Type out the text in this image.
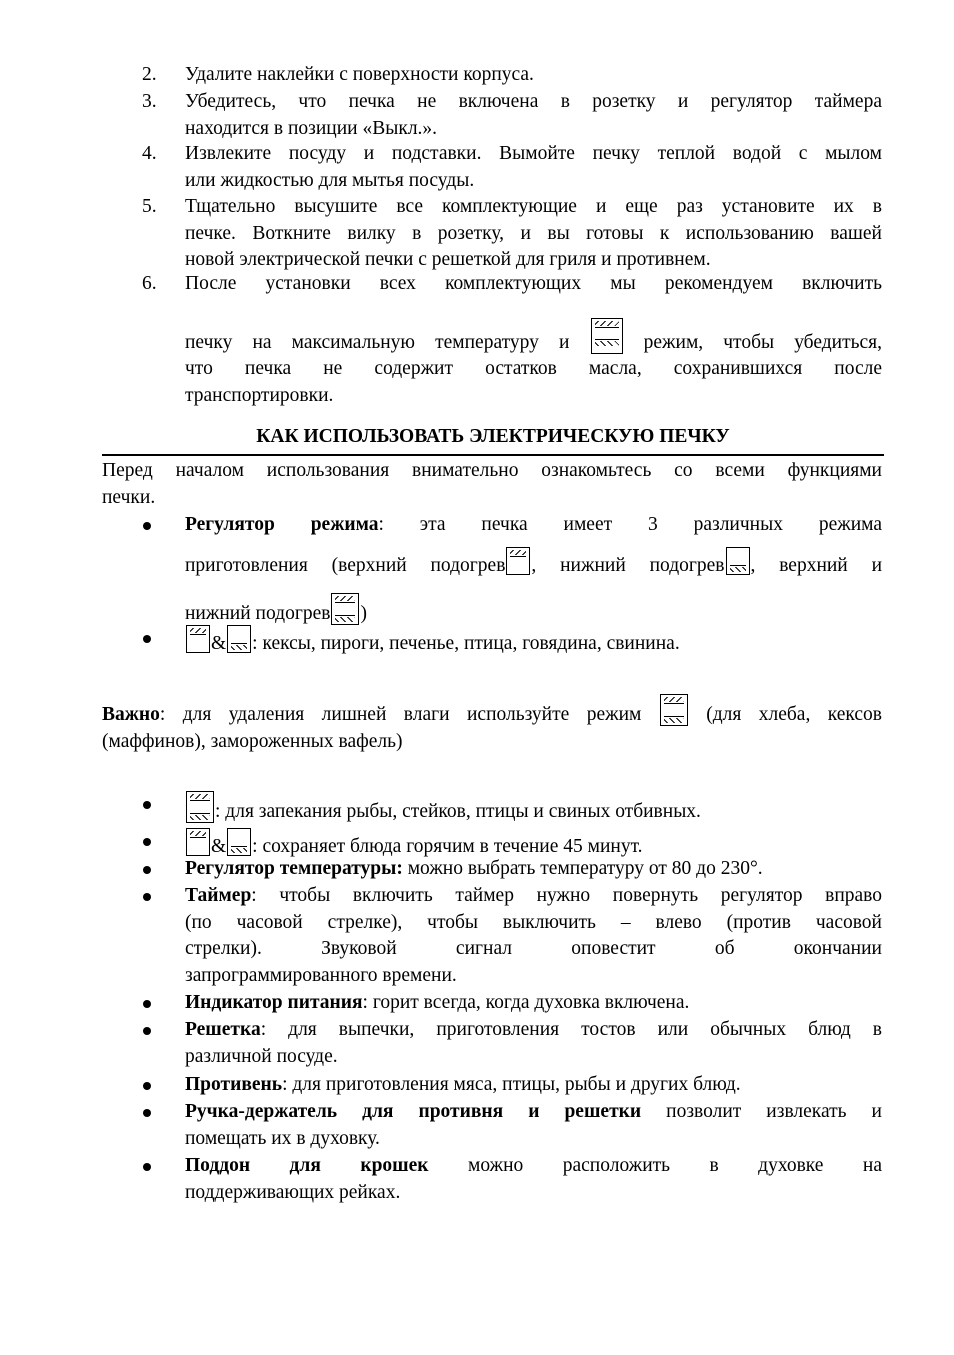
2. Удалите наклейки с поверхности корпуса.
3. Убедитесь, что печка не включена в розетку и регулятор таймера
находится в позиции «Выкл.».
4. Извлеките посуду и подставки. Вымойте печку теплой водой с мылом
или жидкостью для мытья посуды.
5. Тщательно высушите все комплектующие и еще раз установите их в
печке. Воткните вилку в розетку, и вы готовы к использованию вашей
новой электрической печки с решеткой для гриля и противнем.
6. После установки всех комплектующих мы рекомендуем включить
печку на максимальную температуру и	режим, чтобы убедиться,
что печка не содержит остатков масла, сохранившихся после
транспортировки.
КАК ИСПОЛЬЗОВАТЬ ЭЛЕКТРИЧЕСКУЮ ПЕЧКУ
Перед началом использования внимательно ознакомьтесь со всеми функциями
печки.
Регулятор режима: эта печка имеет 3 различных режима
приготовления (верхний подогрев , нижний подогрев , верхний и
нижний подогрев )
& : кексы, пироги, печенье, птица, говядина, свинина.
Важно: для удаления лишней влаги используйте режим	(для хлеба, кексов
(маффинов), замороженных вафель)
: для запекания рыбы, стейков, птицы и свиных отбивных.
& : сохраняет блюда горячим в течение 45 минут.
Регулятор температуры: можно выбрать температуру от 80 до 230°.
Таймер: чтобы включить таймер нужно повернуть регулятор вправо
(по часовой стрелке), чтобы выключить – влево (против часовой
стрелки). Звуковой сигнал оповестит об окончании
запрограммированного времени.
Индикатор питания: горит всегда, когда духовка включена.
Решетка: для выпечки, приготовления тостов или обычных блюд в
различной посуде.
Противень: для приготовления мяса, птицы, рыбы и других блюд.
Ручка-держатель для противня и решетки позволит извлекать и
помещать их в духовку.
Поддон для крошек можно расположить в духовке на
поддерживающих рейках.
